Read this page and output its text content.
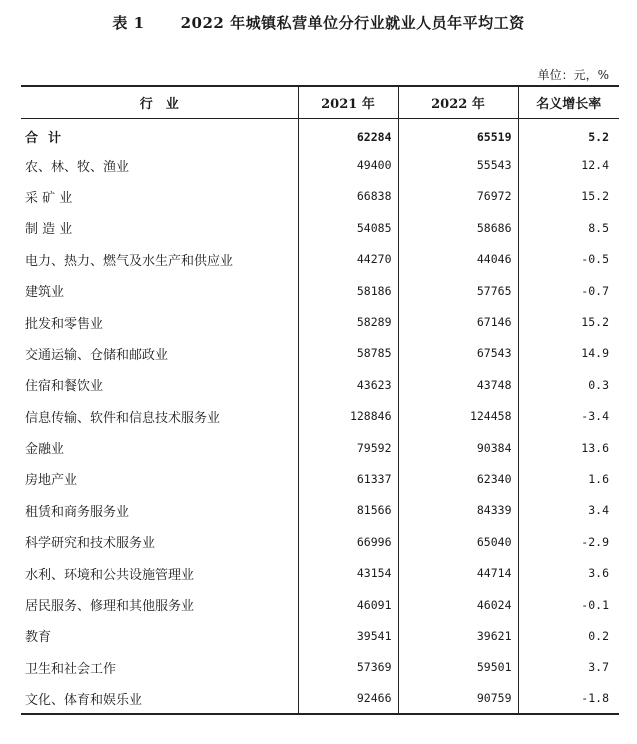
表 1 2022 年城镇私营单位分行业就业人员年平均工资
单位：元，%
行　业	2021 年	2022 年	名义增长率
合计	62284	65519	5.2
农、林、牧、渔业	49400	55543	12.4
采 矿 业	66838	76972	15.2
制 造 业	54085	58686	8.5
电力、热力、燃气及水生产和供应业	44270	44046	-0.5
建筑业	58186	57765	-0.7
批发和零售业	58289	67146	15.2
交通运输、仓储和邮政业	58785	67543	14.9
住宿和餐饮业	43623	43748	0.3
信息传输、软件和信息技术服务业	128846	124458	-3.4
金融业	79592	90384	13.6
房地产业	61337	62340	1.6
租赁和商务服务业	81566	84339	3.4
科学研究和技术服务业	66996	65040	-2.9
水利、环境和公共设施管理业	43154	44714	3.6
居民服务、修理和其他服务业	46091	46024	-0.1
教育	39541	39621	0.2
卫生和社会工作	57369	59501	3.7
文化、体育和娱乐业	92466	90759	-1.8
